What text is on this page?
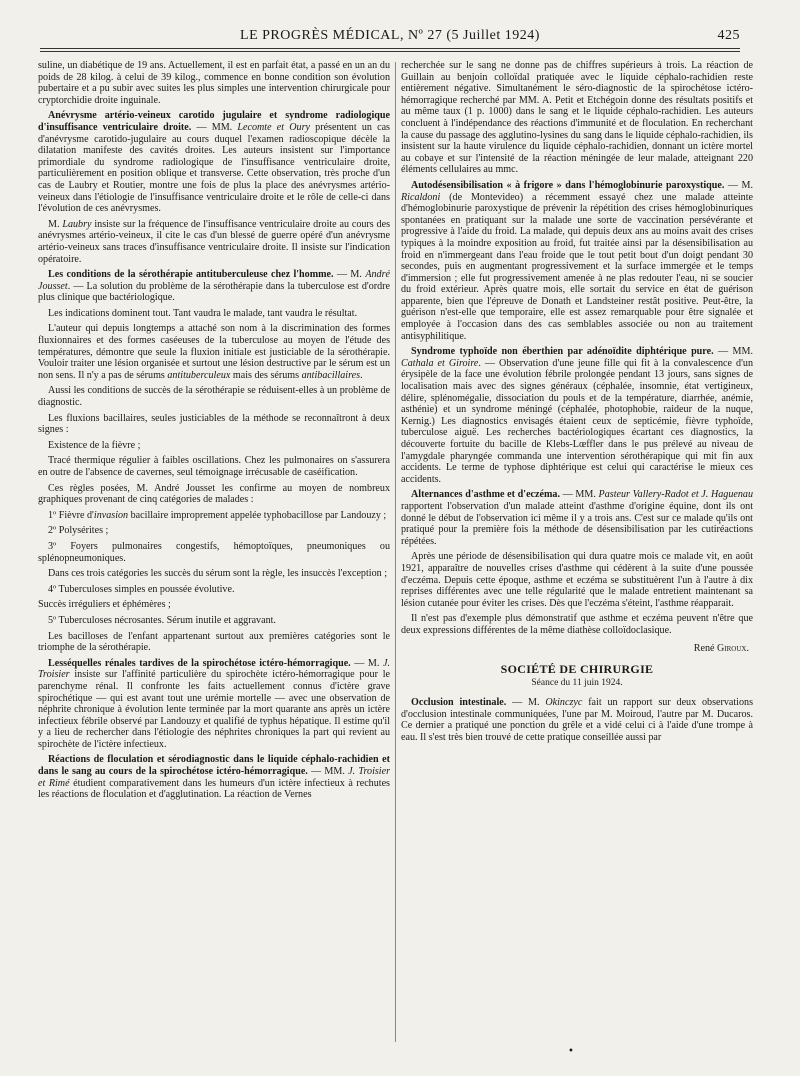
LE PROGRÈS MÉDICAL, Nº 27 (5 Juillet 1924)	425

suline, un diabétique de 19 ans. Actuellement, il est en parfait état, a passé en un an du poids de 28 kilog. à celui de 39 kilog., commence en bonne condition son évolution pubertaire et a pu subir avec suites les plus simples une intervention chirurgicale pour cryptorchidie droite inguinale.

Anévrysme artério-veineux carotido jugulaire et syndrome radiologique d'insuffisance ventriculaire droite. — MM. Lecomte et Oury présentent un cas d'anévrysme carotido-jugulaire au cours duquel l'examen radioscopique décèle la dilatation manifeste des cavités droites. Les auteurs insistent sur l'importance primordiale du syndrome radiologique de l'insuffisance ventriculaire droite, particulièrement en position oblique et transverse. Cette observation, très proche d'un cas de Laubry et Routier, montre une fois de plus la place des anévrysmes artério-veineux dans l'étiologie de l'insuffisance ventriculaire droite et le rôle de celle-ci dans l'évolution de ces anévrysmes.

M. Laubry insiste sur la fréquence de l'insuffisance ventriculaire droite au cours des anévrysmes artério-veineux, il cite le cas d'un blessé de guerre opéré d'un anévrysme artério-veineux sans traces d'insuffisance ventriculaire droite. Il insiste sur l'indication opératoire.

Les conditions de la sérothérapie antituberculeuse chez l'homme. — M. André Jousset. — La solution du problème de la sérothérapie dans la tuberculose est d'ordre plus clinique que bactériologique.

Les indications dominent tout. Tant vaudra le malade, tant vaudra le résultat.

L'auteur qui depuis longtemps a attaché son nom à la discrimination des formes fluxionnaires et des formes caséeuses de la tuberculose au moyen de l'étude des températures, démontre que seule la fluxion initiale est justiciable de la sérothérapie. Vouloir traiter une lésion organisée et surtout une lésion destructive par le sérum est un non sens. Il n'y a pas de sérums antituberculeux mais des sérums antibacillaires.

Aussi les conditions de succès de la sérothérapie se réduisent-elles à un problème de diagnostic.

Les fluxions bacillaires, seules justiciables de la méthode se reconnaîtront à deux signes :

Existence de la fièvre ;

Tracé thermique régulier à faibles oscillations. Chez les pulmonaires on s'assurera en outre de l'absence de cavernes, seul témoignage irrécusable de caséification.

Ces règles posées, M. André Jousset les confirme au moyen de nombreux graphiques provenant de cinq catégories de malades :

1º Fièvre d'invasion bacillaire improprement appelée typhobacillose par Landouzy ;

2º Polysérites ;

3º Foyers pulmonaires congestifs, hémoptoïques, pneumoniques ou splénopneumoniques.

Dans ces trois catégories les succès du sérum sont la règle, les insuccès l'exception ;

4º Tuberculoses simples en poussée évolutive.

Succès irréguliers et éphémères ;

5º Tuberculoses nécrosantes. Sérum inutile et aggravant.

Les bacilloses de l'enfant appartenant surtout aux premières catégories sont le triomphe de la sérothérapie.

Lesséquelles rénales tardives de la spirochétose ictéro-hémorragique. — M. J. Troisier insiste sur l'affinité particulière du spirochète ictéro-hémorragique pour le parenchyme rénal. Il confronte les faits actuellement connus d'ictère grave spirochétique — qui est avant tout une urémie mortelle — avec une observation de néphrite chronique à évolution lente terminée par la mort quarante ans après un ictère infectieux fébrile observé par Landouzy et qualifié de typhus hépatique. Il estime qu'il y a lieu de rechercher dans l'étiologie des néphrites chroniques la part qui revient au spirochète de l'ictère infectieux.

Réactions de floculation et sérodiagnostic dans le liquide céphalo-rachidien et dans le sang au cours de la spirochétose ictéro-hémorragique. — MM. J. Troisier et Rimé étudient comparativement dans les humeurs d'un ictère infectieux à rechutes les réactions de floculation et d'agglutination. La réaction de Vernes

recherchée sur le sang ne donne pas de chiffres supérieurs à trois. La réaction de Guillain au benjoin colloïdal pratiquée avec le liquide céphalo-rachidien reste entièrement négative. Simultanément le séro-diagnostic de la spirochétose ictéro-hémorragique recherché par MM. A. Petit et Etchégoin donne des résultats positifs et au même taux (1 p. 1000) dans le sang et le liquide céphalo-rachidien. Les auteurs concluent à l'indépendance des réactions d'immunité et de floculation. En recherchant la cause du passage des agglutino-lysines du sang dans le liquide céphalo-rachidien, ils insistent sur la haute virulence du liquide céphalo-rachidien, donnant un ictère mortel au cobaye et sur l'intensité de la réaction méningée de leur malade, atteignant 220 éléments cellulaires au mmc.

Autodésensibilisation « à frigore » dans l'hémoglobinurie paroxystique. — M. Ricaldoni (de Montevideo) a récemment essayé chez une malade atteinte d'hémoglobinurie paroxystique de prévenir la répétition des crises hémoglobinuriques spontanées en pratiquant sur la malade une sorte de vaccination persévérante et progressive à l'aide du froid. La malade, qui depuis deux ans au moins avait des crises typiques à la moindre exposition au froid, fut traitée ainsi par la désensibilisation au froid en n'immergeant dans l'eau froide que le tout petit bout d'un doigt pendant 30 secondes, puis en augmentant progressivement et la surface immergée et le temps d'immersion ; elle fut progressivement amenée à ne plas redouter l'eau, ni se soucier du froid extérieur. Après quatre mois, elle sortait du service en état de guérison apparente, bien que l'épreuve de Donath et Landsteiner restât positive. Peut-être, la guérison n'est-elle que temporaire, elle est assez remarquable pour être signalée et employée à l'occasion dans des cas semblables associée ou non au traitement antisyphilitique.

Syndrome typhoïde non éberthien par adénoïdite diphtérique pure. — MM. Cathala et Giroire. — Observation d'une jeune fille qui fit à la convalescence d'un érysipèle de la face une évolution fébrile prolongée pendant 13 jours, sans signes de localisation mais avec des signes généraux (céphalée, insomnie, état vertigineux, délire, splénomégalie, dissociation du pouls et de la température, diarrhée, anémie, asthénie) et un syndrome méningé (céphalée, photophobie, raideur de la nuque, Kernig.) Les diagnostics envisagés étaient ceux de septicémie, fièvre typhoïde, tuberculose aiguë. Les recherches bactériologiques écartant ces diagnostics, la découverte fortuite du bacille de Klebs-Lœffler dans le pus prélevé au niveau de l'amygdale pharyngée commanda une intervention sérothérapique qui mit fin aux accidents. Le terme de typhose diphtérique est celui qui caractérise le mieux ces accidents.

Alternances d'asthme et d'eczéma. — MM. Pasteur Vallery-Radot et J. Haguenau rapportent l'observation d'un malade atteint d'asthme d'origine équine, dont ils ont donné le début de l'observation ici même il y a trois ans. C'est sur ce malade qu'ils ont pratiqué pour la première fois la méthode de désensibilisation par les cutiréactions répétées.

Après une période de désensibilisation qui dura quatre mois ce malade vit, en août 1921, apparaître de nouvelles crises d'asthme qui cédèrent à la suite d'une poussée d'eczéma. Depuis cette époque, asthme et eczéma se substituèrent l'un à l'autre à dix reprises différentes avec une telle régularité que le malade entretient maintenant sa lésion cutanée pour éviter les crises. Dès que l'eczéma s'éteint, l'asthme réapparait.

Il n'est pas d'exemple plus démonstratif que asthme et eczéma peuvent n'être que deux expressions différentes de la même diathèse colloïdoclasique.

René Giroux.
SOCIÉTÉ DE CHIRURGIE
Séance du 11 juin 1924.

Occlusion intestinale. — M. Okinczyc fait un rapport sur deux observations d'occlusion intestinale communiquées, l'une par M. Moiroud, l'autre par M. Ducaros. Ce dernier a pratiqué une ponction du grêle et a vidé celui ci à l'aide d'une trompe à eau. Il s'est très bien trouvé de cette pratique conseillée aussi par

•
